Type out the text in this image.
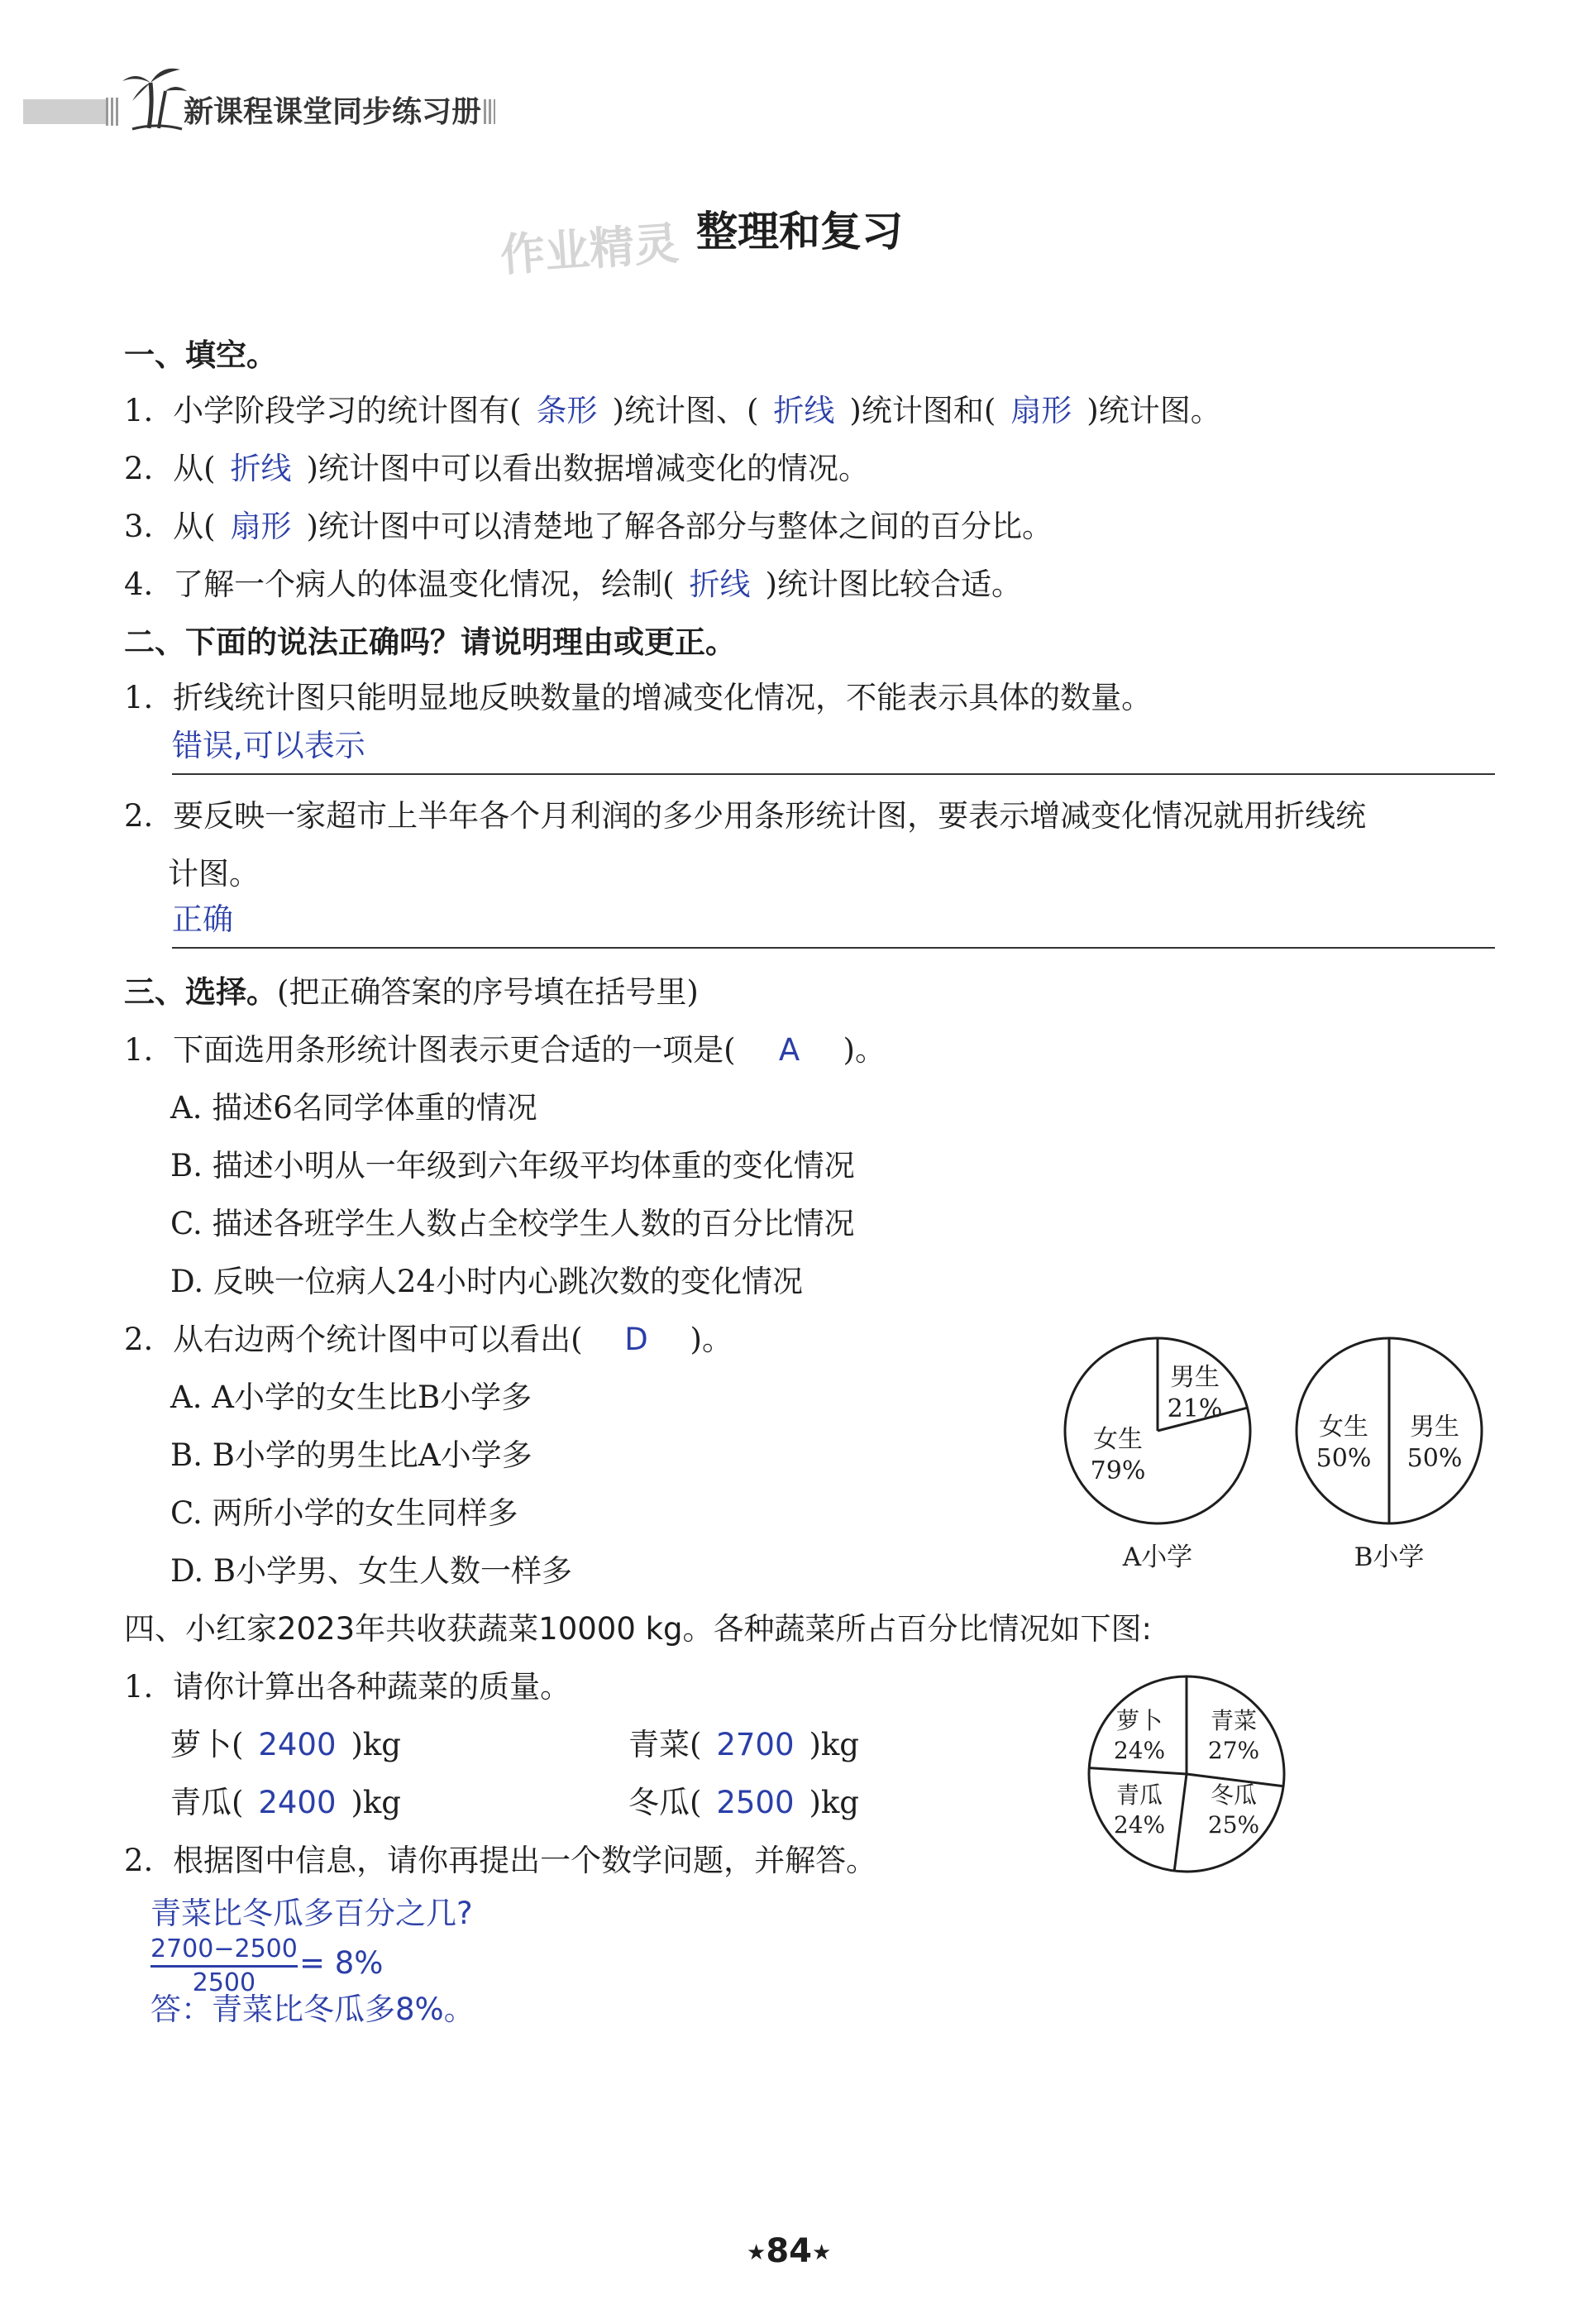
新课程课堂同步练习册
作业精灵 整理和复习
一、填空。
1. 小学阶段学习的统计图有( 条形 )统计图、( 折线 )统计图和( 扇形 )统计图。
2. 从( 折线 )统计图中可以看出数据增减变化的情况。
3. 从( 扇形 )统计图中可以清楚地了解各部分与整体之间的百分比。
4. 了解一个病人的体温变化情况，绘制( 折线 )统计图比较合适。
二、下面的说法正确吗？请说明理由或更正。
1. 折线统计图只能明显地反映数量的增减变化情况，不能表示具体的数量。
错误,可以表示
2. 要反映一家超市上半年各个月利润的多少用条形统计图，要表示增减变化情况就用折线统
计图。
正确
三、选择。(把正确答案的序号填在括号里)
1. 下面选用条形统计图表示更合适的一项是( A )。
A. 描述6名同学体重的情况
B. 描述小明从一年级到六年级平均体重的变化情况
C. 描述各班学生人数占全校学生人数的百分比情况
D. 反映一位病人24小时内心跳次数的变化情况
2. 从右边两个统计图中可以看出( D )。
A. A小学的女生比B小学多
B. B小学的男生比A小学多
C. 两所小学的女生同样多
D. B小学男、女生人数一样多
男生
21%
女生
79%
A小学
女生
50%
男生
50%
B小学
四、小红家2023年共收获蔬菜10000 kg。各种蔬菜所占百分比情况如下图:
1. 请你计算出各种蔬菜的质量。
萝卜( 2400 )kg	青菜( 2700 )kg
青瓜( 2400 )kg	冬瓜( 2500 )kg
萝卜
24%
青菜
27%
青瓜
24%
冬瓜
25%
2. 根据图中信息，请你再提出一个数学问题，并解答。
青菜比冬瓜多百分之几?
2700−2500
2500
= 8%
答：青菜比冬瓜多8%。
★84★
